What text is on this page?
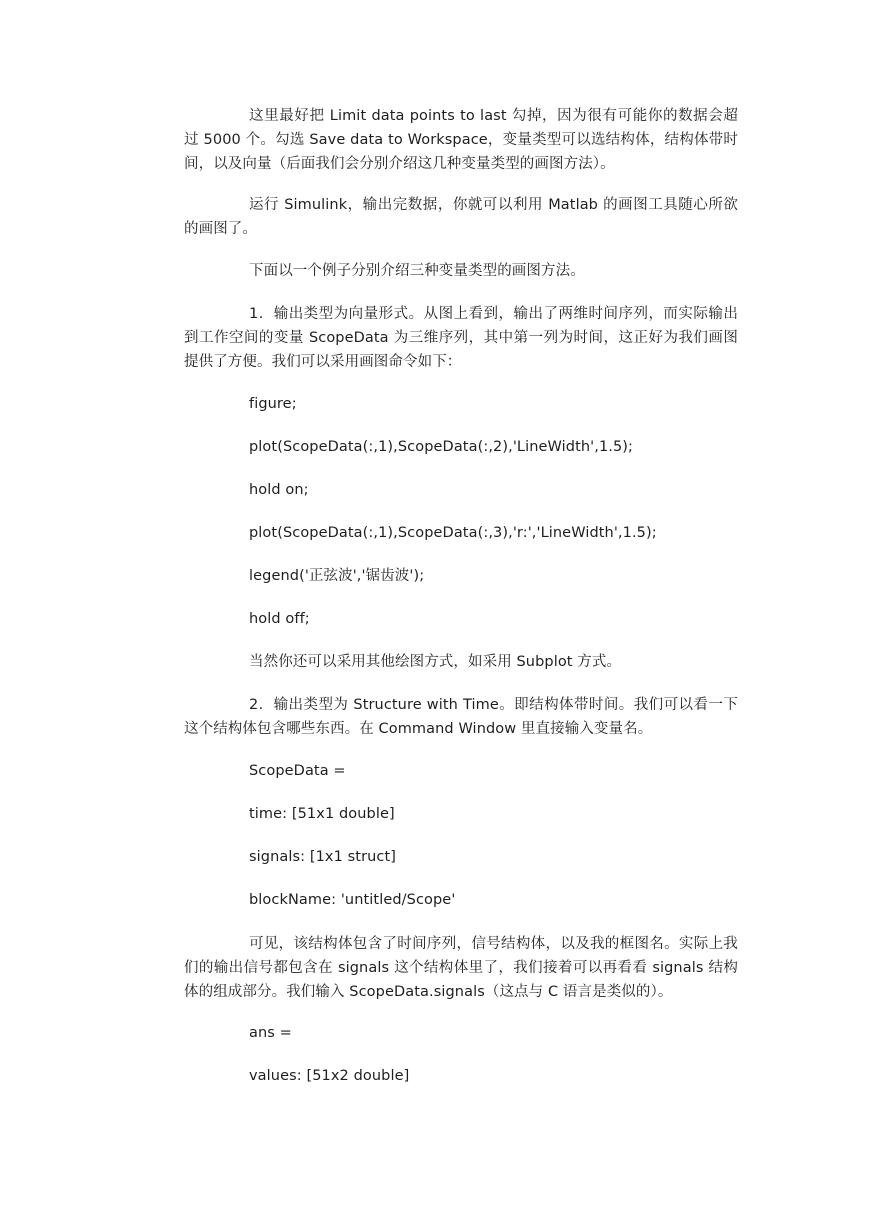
这里最好把 Limit data points to last 勾掉，因为很有可能你的数据会超过 5000 个。勾选 Save data to Workspace，变量类型可以选结构体，结构体带时间，以及向量（后面我们会分别介绍这几种变量类型的画图方法）。

运行 Simulink，输出完数据，你就可以利用 Matlab 的画图工具随心所欲的画图了。

下面以一个例子分别介绍三种变量类型的画图方法。

1．输出类型为向量形式。从图上看到，输出了两维时间序列，而实际输出到工作空间的变量 ScopeData 为三维序列，其中第一列为时间，这正好为我们画图提供了方便。我们可以采用画图命令如下：

figure;

plot(ScopeData(:,1),ScopeData(:,2),'LineWidth',1.5);

hold on;

plot(ScopeData(:,1),ScopeData(:,3),'r:','LineWidth',1.5);

legend('正弦波','锯齿波');

hold off;

当然你还可以采用其他绘图方式，如采用 Subplot 方式。

2．输出类型为 Structure with Time。即结构体带时间。我们可以看一下这个结构体包含哪些东西。在 Command Window 里直接输入变量名。

ScopeData =

time: [51x1 double]

signals: [1x1 struct]

blockName: 'untitled/Scope'

可见，该结构体包含了时间序列，信号结构体，以及我的框图名。实际上我们的输出信号都包含在 signals 这个结构体里了，我们接着可以再看看 signals 结构体的组成部分。我们输入 ScopeData.signals（这点与 C 语言是类似的）。

ans =

values: [51x2 double]
